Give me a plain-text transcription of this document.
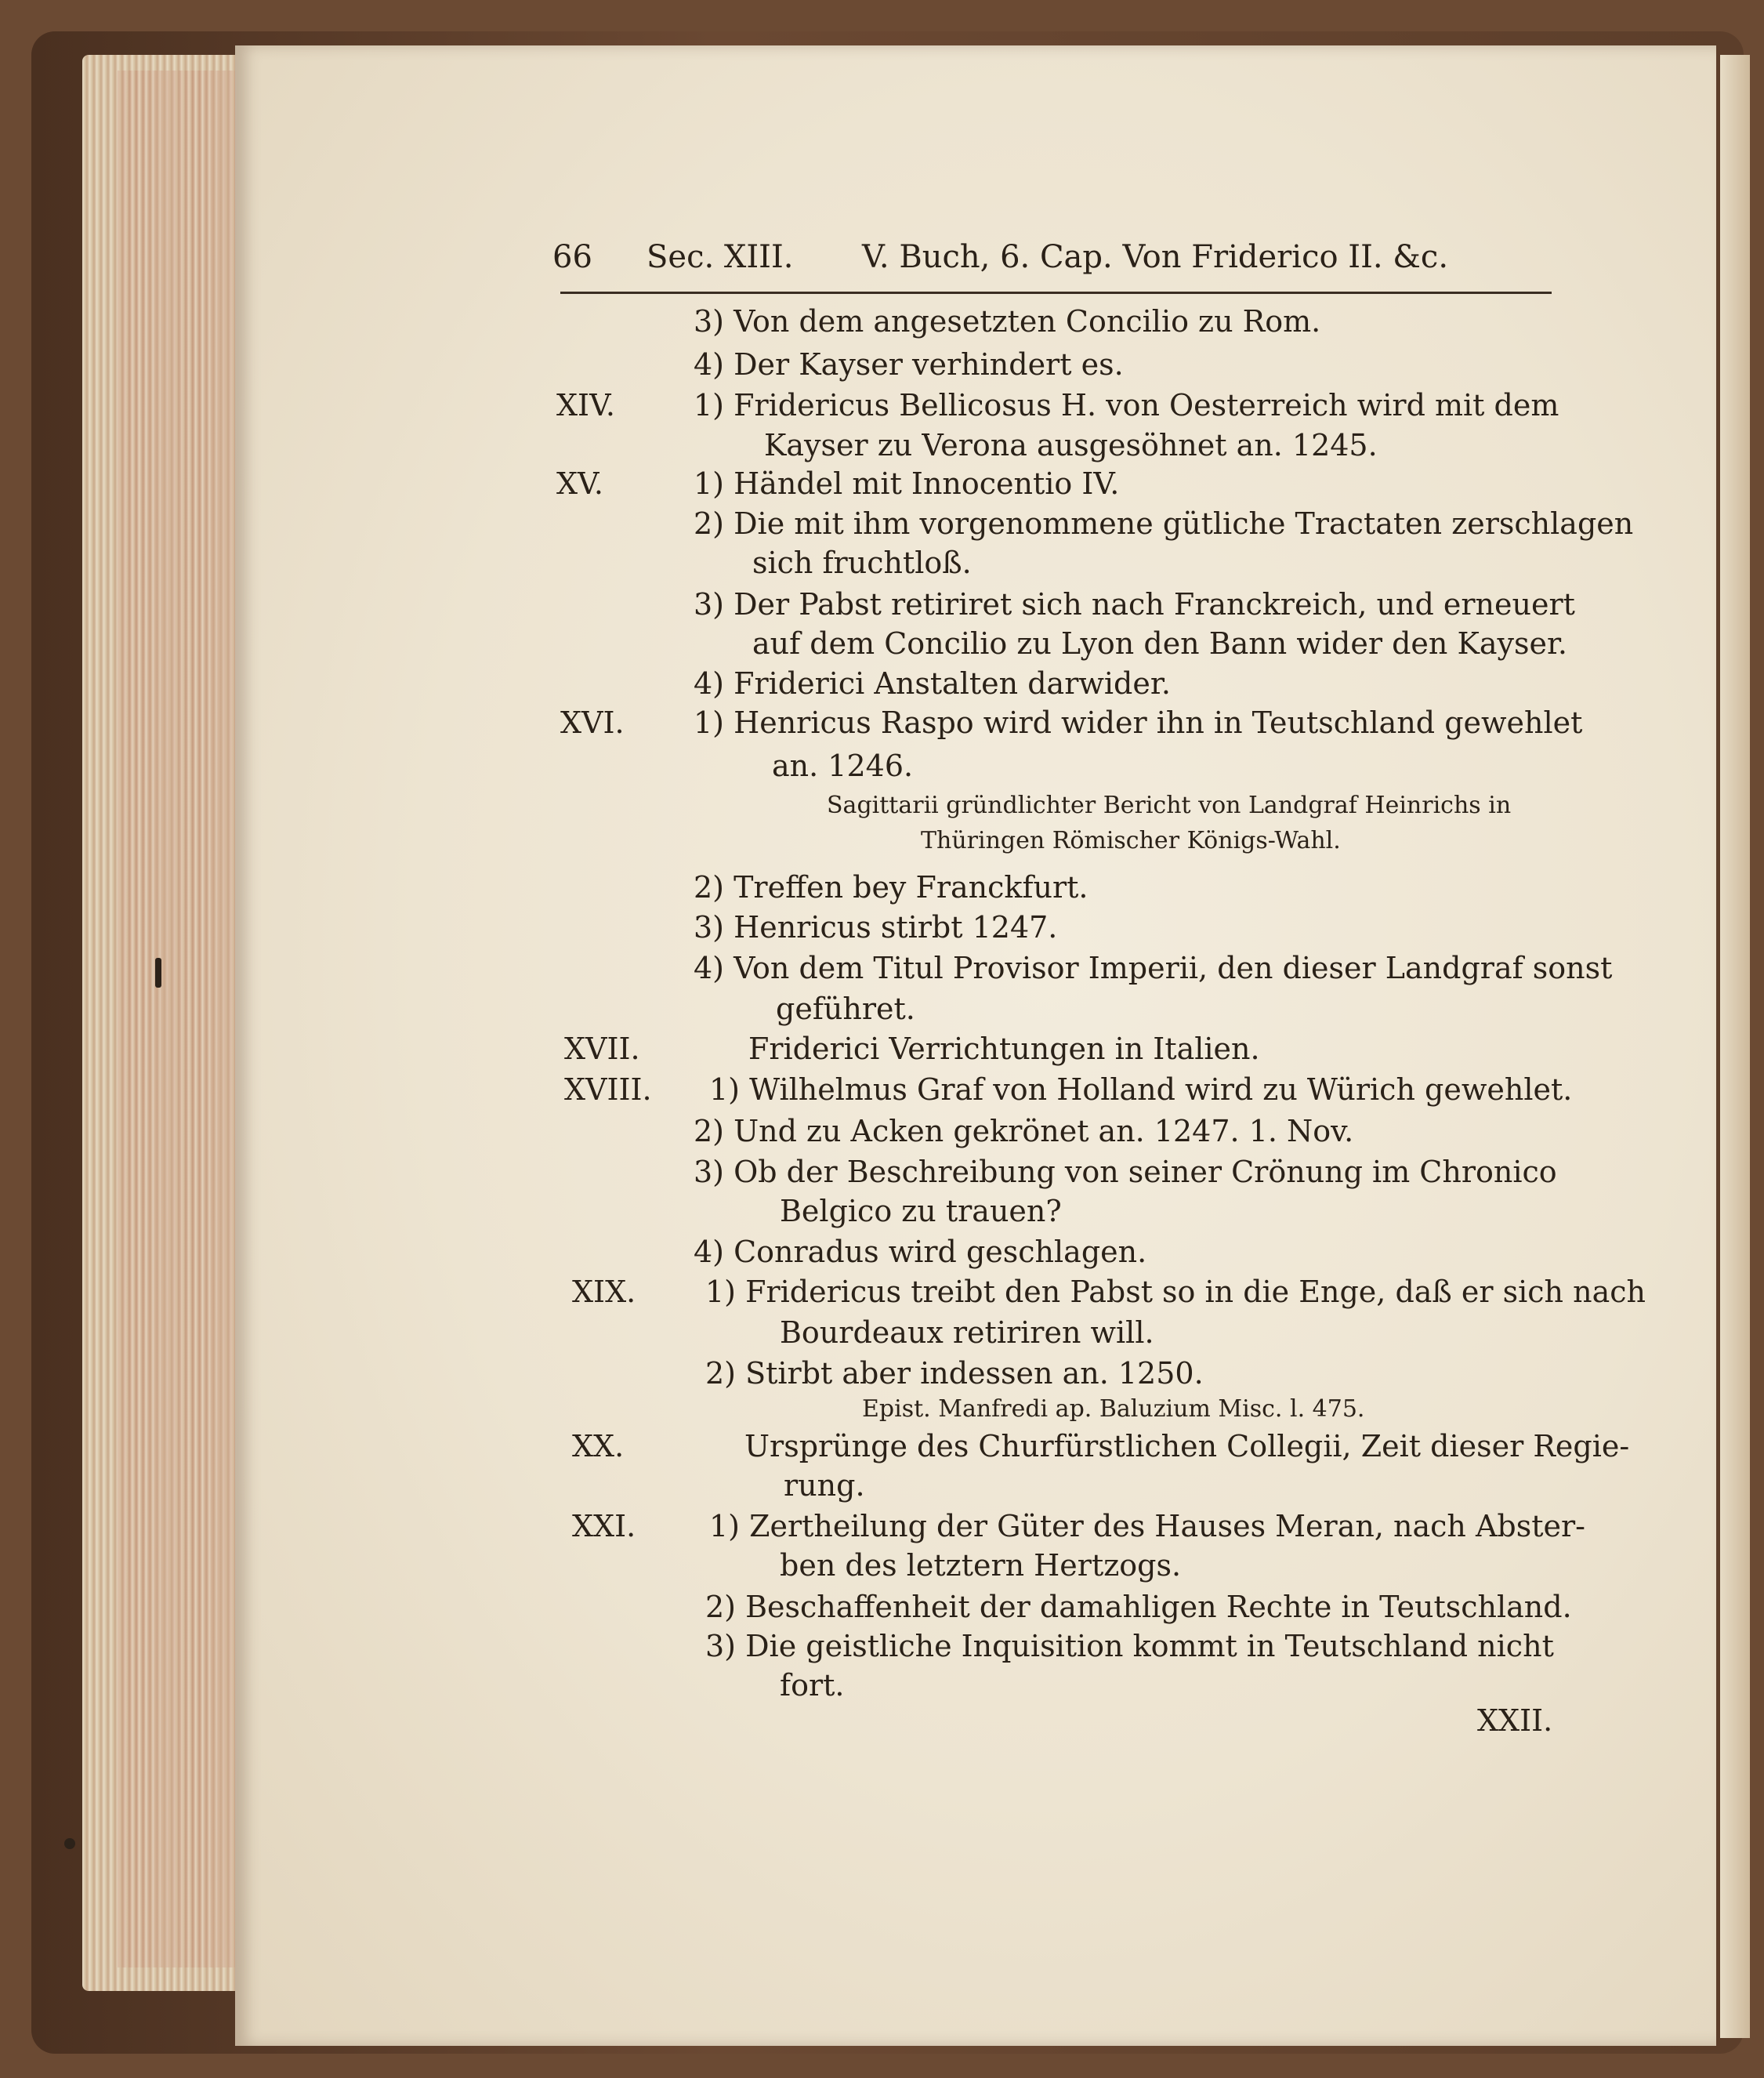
66 Sec. XIII. V. Buch, 6. Cap. Von Friderico II. &c.
3) Von dem angesetzten Concilio zu Rom.
4) Der Kayser verhindert es.
XIV.	1) Fridericus Bellicosus H. von Oesterreich wird mit dem
Kayser zu Verona ausgesöhnet an. 1245.
XV.	1) Händel mit Innocentio IV.
2) Die mit ihm vorgenommene gütliche Tractaten zerschlagen
sich fruchtloß.
3) Der Pabst retiriret sich nach Franckreich, und erneuert
auf dem Concilio zu Lyon den Bann wider den Kayser.
4) Friderici Anstalten darwider.
XVI. 1) Henricus Raspo wird wider ihn in Teutschland gewehlet
an. 1246.
Sagittarii gründlichter Bericht von Landgraf Heinrichs in
Thüringen Römischer Königs-Wahl.
2) Treffen bey Franckfurt.
3) Henricus stirbt 1247.
4) Von dem Titul Provisor Imperii, den dieser Landgraf sonst
geführet.
XVII.	Friderici Verrichtungen in Italien.
XVIII. 1) Wilhelmus Graf von Holland wird zu Würich gewehlet.
2) Und zu Acken gekrönet an. 1247. 1. Nov.
3) Ob der Beschreibung von seiner Crönung im Chronico
Belgico zu trauen?
4) Conradus wird geschlagen.
XIX. 1) Fridericus treibt den Pabst so in die Enge, daß er sich nach
Bourdeaux retiriren will.
2) Stirbt aber indessen an. 1250.
Epist. Manfredi ap. Baluzium Misc. l. 475.
XX.	Ursprünge des Churfürstlichen Collegii, Zeit dieser Regie-
rung.
XXI. 1) Zertheilung der Güter des Hauses Meran, nach Abster-
ben des letztern Hertzogs.
2) Beschaffenheit der damahligen Rechte in Teutschland.
3) Die geistliche Inquisition kommt in Teutschland nicht
fort.
XXII.
